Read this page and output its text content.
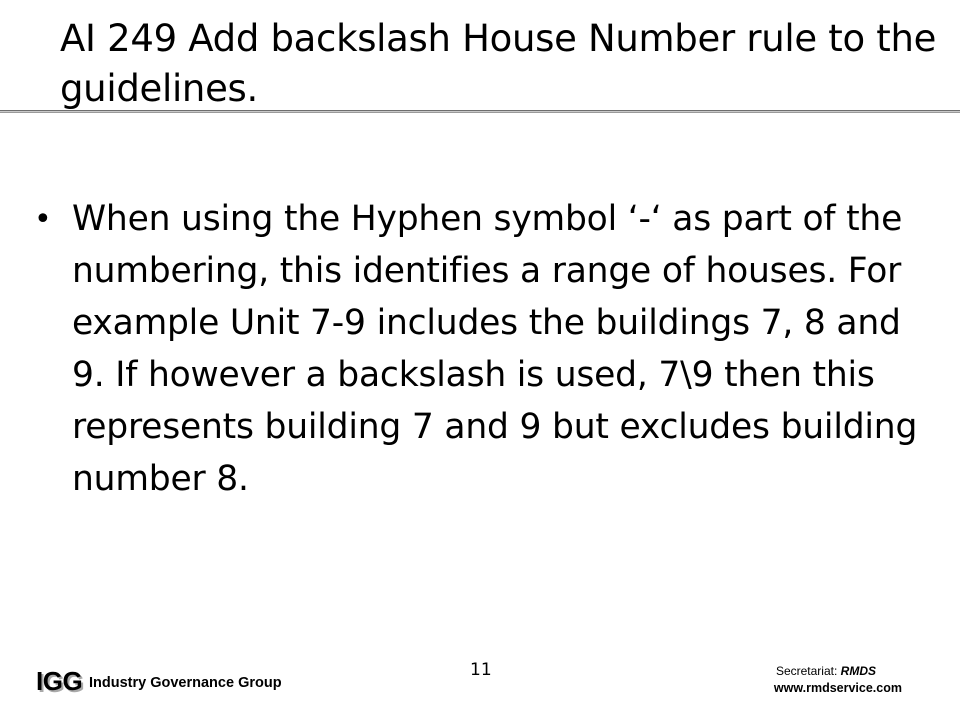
AI 249 Add backslash House Number rule to the guidelines.
• When using the Hyphen symbol ‘-‘ as part of the numbering, this identifies a range of houses. For example Unit 7-9 includes the buildings 7, 8 and 9. If however a backslash is used, 7\9 then this represents building 7 and 9 but excludes building number 8.

11
IGG Industry Governance Group
Secretariat: RMDS
www.rmdservice.com
